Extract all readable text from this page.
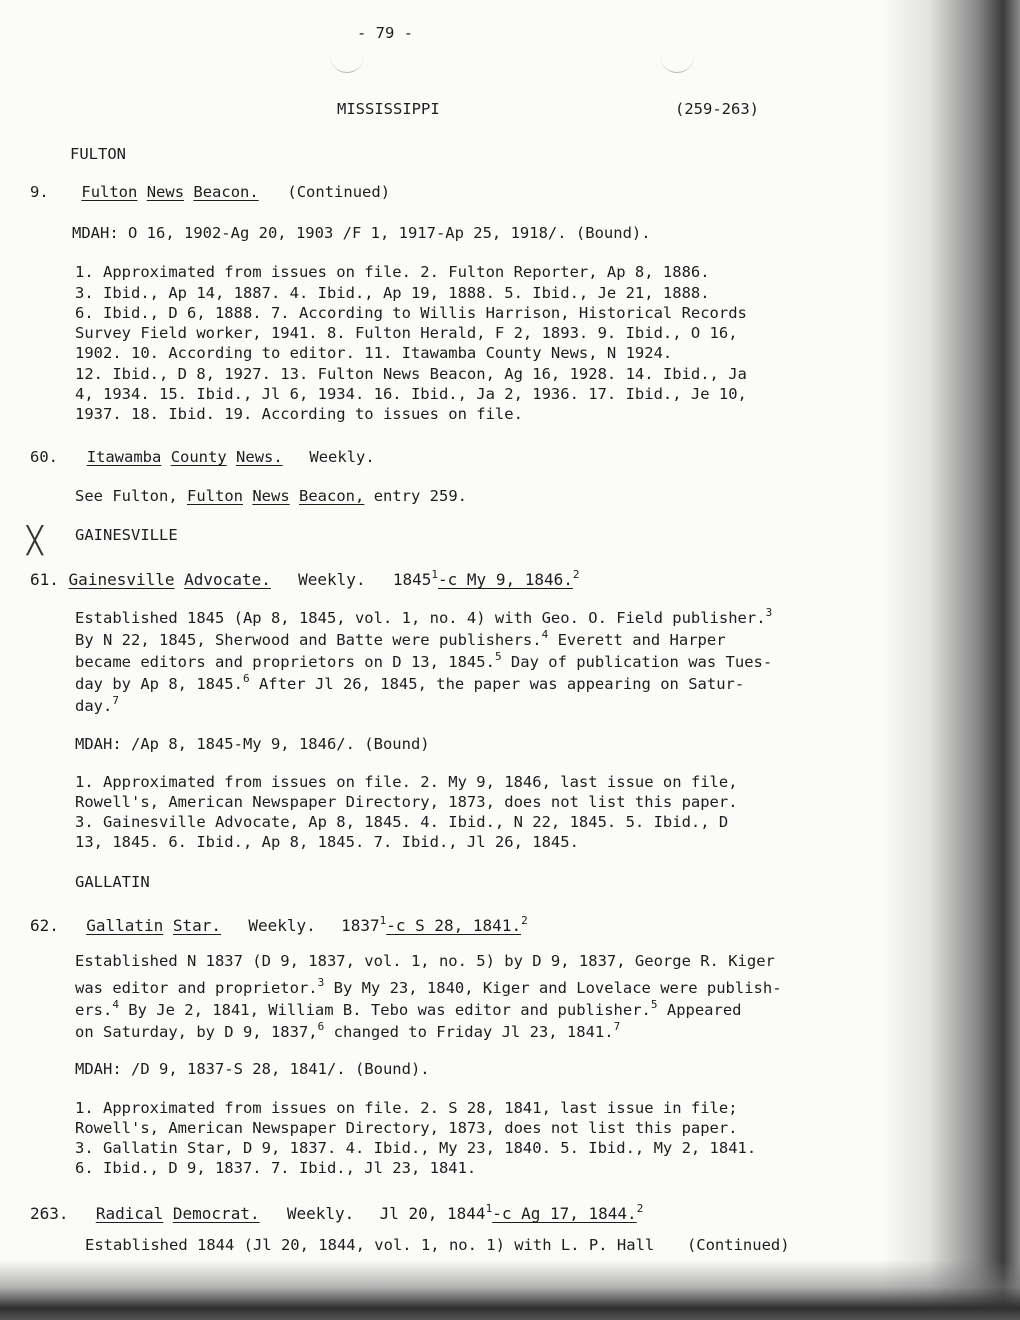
- 79 -
MISSISSIPPI	(259-263)
FULTON
9. Fulton News Beacon. (Continued)
MDAH: O 16, 1902-Ag 20, 1903 /F 1, 1917-Ap 25, 1918/. (Bound).
1. Approximated from issues on file. 2. Fulton Reporter, Ap 8, 1886.
3. Ibid., Ap 14, 1887. 4. Ibid., Ap 19, 1888. 5. Ibid., Je 21, 1888.
6. Ibid., D 6, 1888. 7. According to Willis Harrison, Historical Records
Survey Field worker, 1941. 8. Fulton Herald, F 2, 1893. 9. Ibid., O 16,
1902. 10. According to editor. 11. Itawamba County News, N 1924.
12. Ibid., D 8, 1927. 13. Fulton News Beacon, Ag 16, 1928. 14. Ibid., Ja
4, 1934. 15. Ibid., Jl 6, 1934. 16. Ibid., Ja 2, 1936. 17. Ibid., Je 10,
1937. 18. Ibid. 19. According to issues on file.
60. Itawamba County News. Weekly.
See Fulton, Fulton News Beacon, entry 259.
╳ GAINESVILLE
61. Gainesville Advocate. Weekly. 1845$^1$-c My 9, 1846.$^2$
Established 1845 (Ap 8, 1845, vol. 1, no. 4) with Geo. O. Field publisher.$^3$
By N 22, 1845, Sherwood and Batte were publishers.$^4$ Everett and Harper
became editors and proprietors on D 13, 1845.$^5$ Day of publication was Tues-
day by Ap 8, 1845.$^6$ After Jl 26, 1845, the paper was appearing on Satur-
day.$^7$
MDAH: /Ap 8, 1845-My 9, 1846/. (Bound)
1. Approximated from issues on file. 2. My 9, 1846, last issue on file,
Rowell's, American Newspaper Directory, 1873, does not list this paper.
3. Gainesville Advocate, Ap 8, 1845. 4. Ibid., N 22, 1845. 5. Ibid., D
13, 1845. 6. Ibid., Ap 8, 1845. 7. Ibid., Jl 26, 1845.
GALLATIN
62. Gallatin Star. Weekly. 1837$^1$-c S 28, 1841.$^2$
Established N 1837 (D 9, 1837, vol. 1, no. 5) by D 9, 1837, George R. Kiger
was editor and proprietor.$^3$ By My 23, 1840, Kiger and Lovelace were publish-
ers.$^4$ By Je 2, 1841, William B. Tebo was editor and publisher.$^5$ Appeared
on Saturday, by D 9, 1837,$^6$ changed to Friday Jl 23, 1841.$^7$
MDAH: /D 9, 1837-S 28, 1841/. (Bound).
1. Approximated from issues on file. 2. S 28, 1841, last issue in file;
Rowell's, American Newspaper Directory, 1873, does not list this paper.
3. Gallatin Star, D 9, 1837. 4. Ibid., My 23, 1840. 5. Ibid., My 2, 1841.
6. Ibid., D 9, 1837. 7. Ibid., Jl 23, 1841.
263. Radical Democrat. Weekly. Jl 20, 1844$^1$-c Ag 17, 1844.$^2$
Established 1844 (Jl 20, 1844, vol. 1, no. 1) with L. P. Hall (Continued)
